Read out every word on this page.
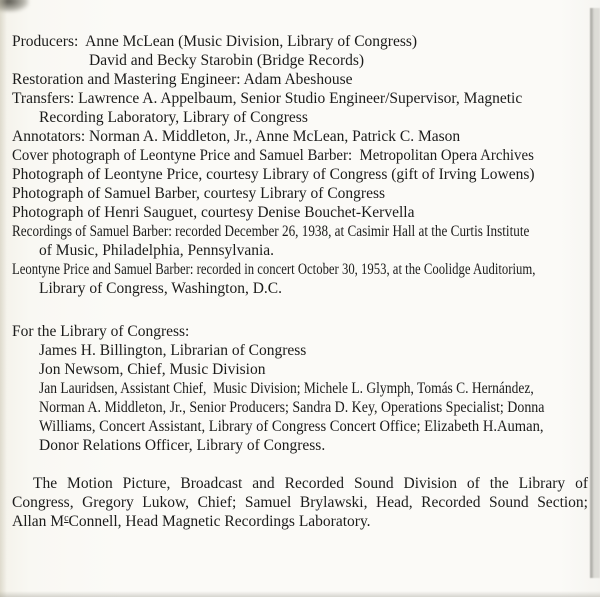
Producers:  Anne McLean (Music Division, Library of Congress)
David and Becky Starobin (Bridge Records)
Restoration and Mastering Engineer: Adam Abeshouse
Transfers: Lawrence A. Appelbaum, Senior Studio Engineer/Supervisor, Magnetic
Recording Laboratory, Library of Congress
Annotators: Norman A. Middleton, Jr., Anne McLean, Patrick C. Mason
Cover photograph of Leontyne Price and Samuel Barber:  Metropolitan Opera Archives
Photograph of Leontyne Price, courtesy Library of Congress (gift of Irving Lowens)
Photograph of Samuel Barber, courtesy Library of Congress
Photograph of Henri Sauguet, courtesy Denise Bouchet-Kervella
Recordings of Samuel Barber: recorded December 26, 1938, at Casimir Hall at the Curtis Institute
of Music, Philadelphia, Pennsylvania.
Leontyne Price and Samuel Barber: recorded in concert October 30, 1953, at the Coolidge Auditorium,
Library of Congress, Washington, D.C.
For the Library of Congress:
James H. Billington, Librarian of Congress
Jon Newsom, Chief, Music Division
Jan Lauridsen, Assistant Chief,  Music Division; Michele L. Glymph, Tomás C. Hernández,
Norman A. Middleton, Jr., Senior Producers; Sandra D. Key, Operations Specialist; Donna
Williams, Concert Assistant, Library of Congress Concert Office; Elizabeth H.Auman,
Donor Relations Officer, Library of Congress.
The Motion Picture, Broadcast and Recorded Sound Division of the Library of
Congress, Gregory Lukow, Chief; Samuel Brylawski, Head, Recorded Sound Section;
Allan McConnell, Head Magnetic Recordings Laboratory.
